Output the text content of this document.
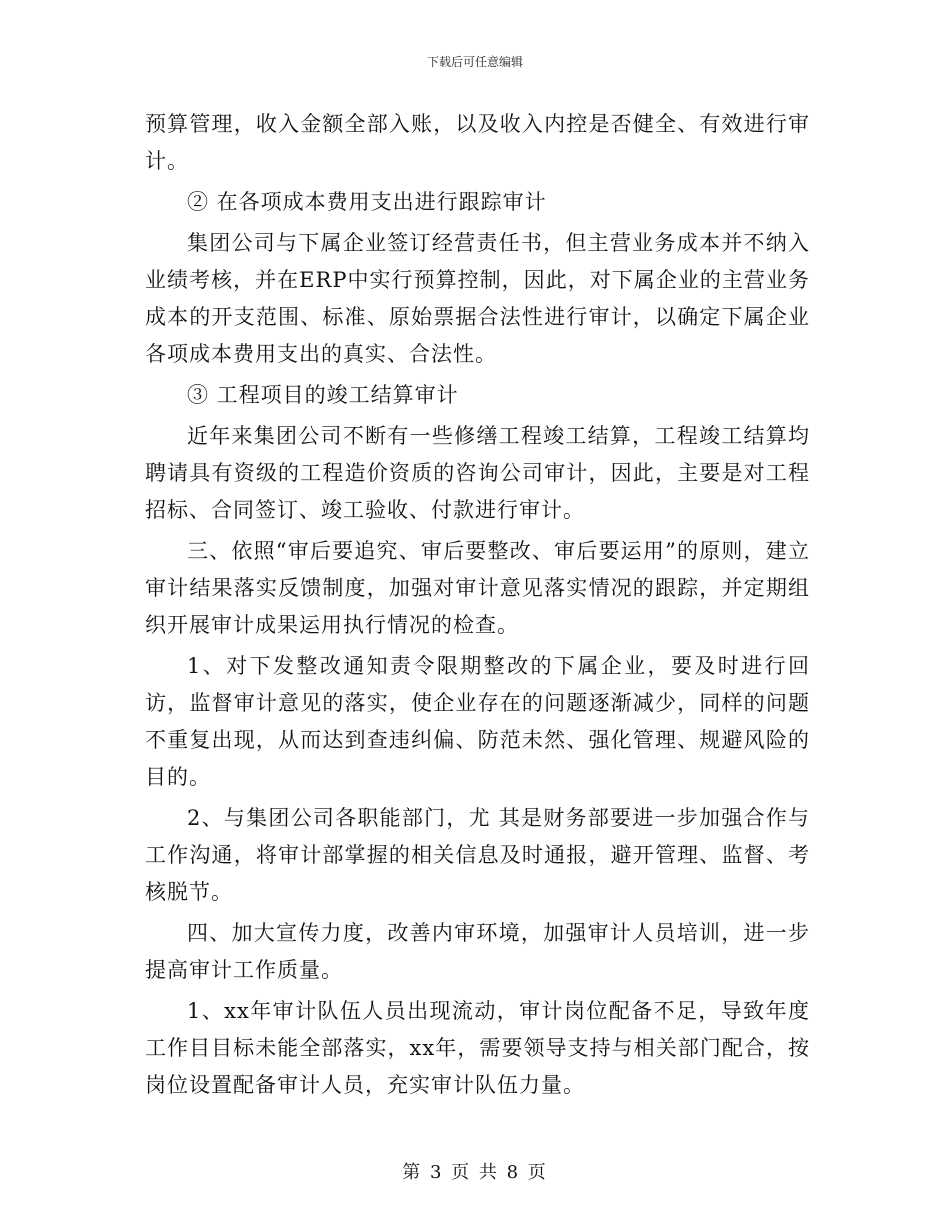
下载后可任意编辑

预算管理，收入金额全部入账，以及收入内控是否健全、有效进行审计。

② 在各项成本费用支出进行跟踪审计

集团公司与下属企业签订经营责任书，但主营业务成本并不纳入业绩考核，并在ERP中实行预算控制，因此，对下属企业的主营业务成本的开支范围、标准、原始票据合法性进行审计，以确定下属企业各项成本费用支出的真实、合法性。

③ 工程项目的竣工结算审计

近年来集团公司不断有一些修缮工程竣工结算，工程竣工结算均聘请具有资级的工程造价资质的咨询公司审计，因此，主要是对工程招标、合同签订、竣工验收、付款进行审计。

三、依照“审后要追究、审后要整改、审后要运用”的原则，建立审计结果落实反馈制度，加强对审计意见落实情况的跟踪，并定期组织开展审计成果运用执行情况的检查。

1、对下发整改通知责令限期整改的下属企业，要及时进行回访，监督审计意见的落实，使企业存在的问题逐渐减少，同样的问题不重复出现，从而达到查违纠偏、防范未然、强化管理、规避风险的目的。

2、与集团公司各职能部门，尤 其是财务部要进一步加强合作与工作沟通，将审计部掌握的相关信息及时通报，避开管理、监督、考核脱节。

四、加大宣传力度，改善内审环境，加强审计人员培训，进一步提高审计工作质量。

1、xx年审计队伍人员出现流动，审计岗位配备不足，导致年度工作目目标未能全部落实，xx年，需要领导支持与相关部门配合，按岗位设置配备审计人员，充实审计队伍力量。

第 3 页 共 8 页
